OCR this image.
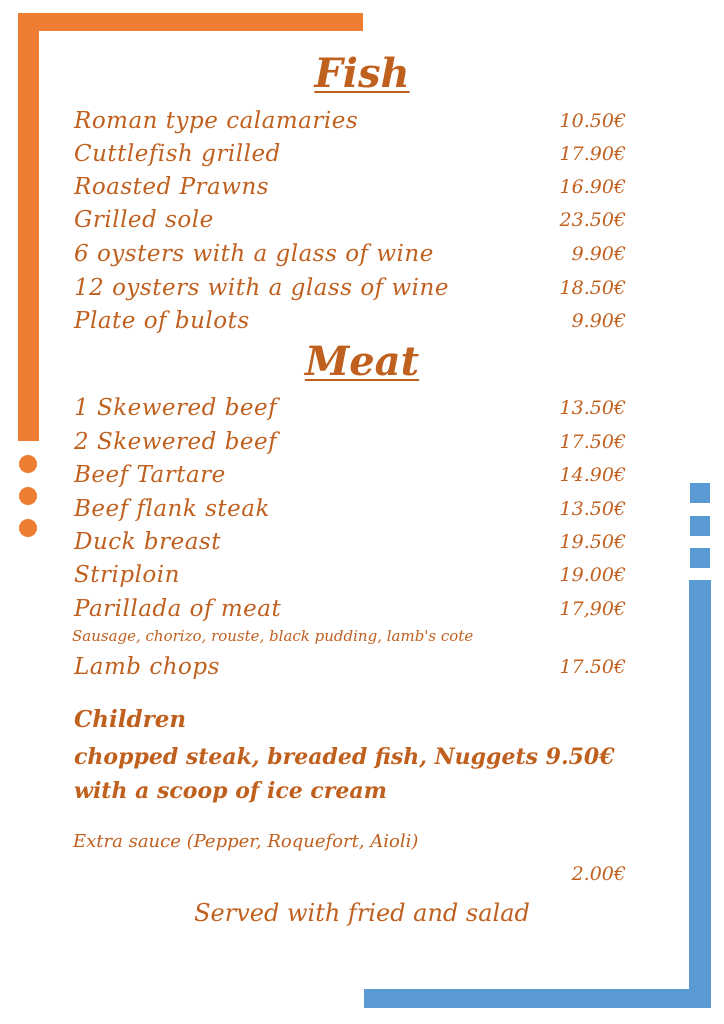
Fish
Roman type calamaries	10.50€
Cuttlefish grilled	17.90€
Roasted Prawns	16.90€
Grilled sole	23.50€
6 oysters with a glass of wine	9.90€
12 oysters with a glass of wine	18.50€
Plate of bulots	9.90€
Meat
1 Skewered beef	13.50€
2 Skewered beef	17.50€
Beef Tartare	14.90€
Beef flank steak	13.50€
Duck breast	19.50€
Striploin	19.00€
Parillada of meat	17,90€
Sausage, chorizo, rouste, black pudding, lamb's cote
Lamb chops	17.50€
Children
chopped steak, breaded fish, Nuggets 9.50€
with a scoop of ice cream
Extra sauce (Pepper, Roquefort, Aioli)
2.00€
Served with fried and salad
